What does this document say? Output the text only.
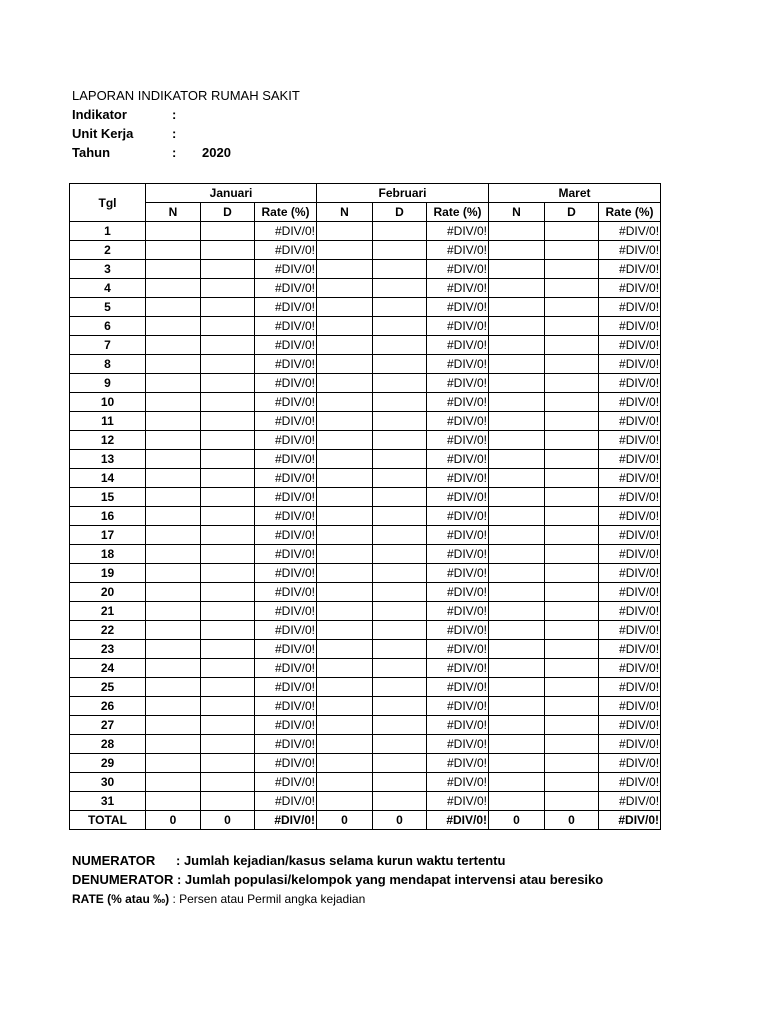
LAPORAN INDIKATOR RUMAH SAKIT
Indikator	:
Unit Kerja	:
Tahun	: 2020
Tgl	Januari			Februari			Maret		
	N	D	Rate (%)	N	D	Rate (%)	N	D	Rate (%)
1			#DIV/0!			#DIV/0!			#DIV/0!
2			#DIV/0!			#DIV/0!			#DIV/0!
3			#DIV/0!			#DIV/0!			#DIV/0!
4			#DIV/0!			#DIV/0!			#DIV/0!
5			#DIV/0!			#DIV/0!			#DIV/0!
6			#DIV/0!			#DIV/0!			#DIV/0!
7			#DIV/0!			#DIV/0!			#DIV/0!
8			#DIV/0!			#DIV/0!			#DIV/0!
9			#DIV/0!			#DIV/0!			#DIV/0!
10			#DIV/0!			#DIV/0!			#DIV/0!
11			#DIV/0!			#DIV/0!			#DIV/0!
12			#DIV/0!			#DIV/0!			#DIV/0!
13			#DIV/0!			#DIV/0!			#DIV/0!
14			#DIV/0!			#DIV/0!			#DIV/0!
15			#DIV/0!			#DIV/0!			#DIV/0!
16			#DIV/0!			#DIV/0!			#DIV/0!
17			#DIV/0!			#DIV/0!			#DIV/0!
18			#DIV/0!			#DIV/0!			#DIV/0!
19			#DIV/0!			#DIV/0!			#DIV/0!
20			#DIV/0!			#DIV/0!			#DIV/0!
21			#DIV/0!			#DIV/0!			#DIV/0!
22			#DIV/0!			#DIV/0!			#DIV/0!
23			#DIV/0!			#DIV/0!			#DIV/0!
24			#DIV/0!			#DIV/0!			#DIV/0!
25			#DIV/0!			#DIV/0!			#DIV/0!
26			#DIV/0!			#DIV/0!			#DIV/0!
27			#DIV/0!			#DIV/0!			#DIV/0!
28			#DIV/0!			#DIV/0!			#DIV/0!
29			#DIV/0!			#DIV/0!			#DIV/0!
30			#DIV/0!			#DIV/0!			#DIV/0!
31			#DIV/0!			#DIV/0!			#DIV/0!
TOTAL	0	0	#DIV/0!	0	0	#DIV/0!	0	0	#DIV/0!
NUMERATOR : Jumlah kejadian/kasus selama kurun waktu tertentu
DENUMERATOR : Jumlah populasi/kelompok yang mendapat intervensi atau beresiko
RATE (% atau ‰) : Persen atau Permil angka kejadian
